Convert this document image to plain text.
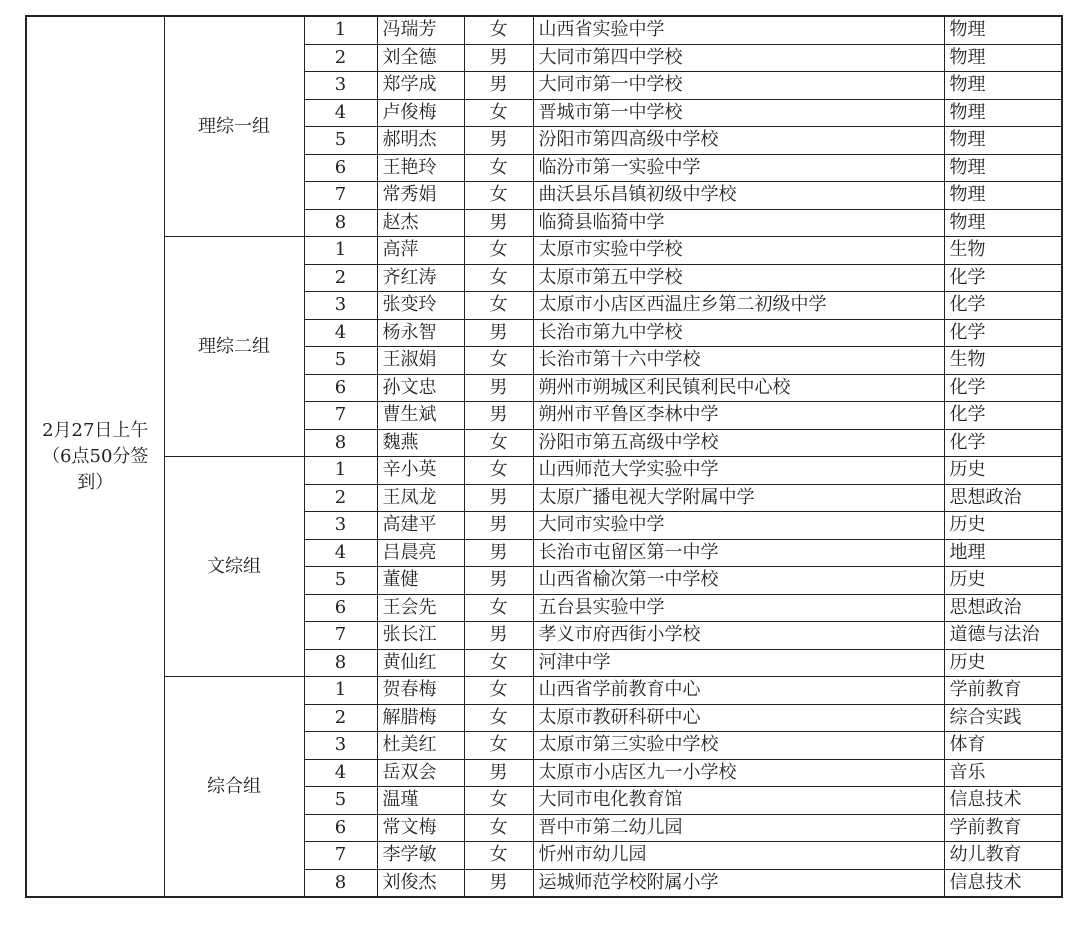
2月27日上午
（6点50分签
到）	理综一组	1	冯瑞芳	女	山西省实验中学	物理
		2	刘全德	男	大同市第四中学校	物理
		3	郑学成	男	大同市第一中学校	物理
		4	卢俊梅	女	晋城市第一中学校	物理
		5	郝明杰	男	汾阳市第四高级中学校	物理
		6	王艳玲	女	临汾市第一实验中学	物理
		7	常秀娟	女	曲沃县乐昌镇初级中学校	物理
		8	赵杰	男	临猗县临猗中学	物理
	理综二组	1	高萍	女	太原市实验中学校	生物
		2	齐红涛	女	太原市第五中学校	化学
		3	张变玲	女	太原市小店区西温庄乡第二初级中学	化学
		4	杨永智	男	长治市第九中学校	化学
		5	王淑娟	女	长治市第十六中学校	生物
		6	孙文忠	男	朔州市朔城区利民镇利民中心校	化学
		7	曹生斌	男	朔州市平鲁区李林中学	化学
		8	魏燕	女	汾阳市第五高级中学校	化学
	文综组	1	辛小英	女	山西师范大学实验中学	历史
		2	王凤龙	男	太原广播电视大学附属中学	思想政治
		3	高建平	男	大同市实验中学	历史
		4	吕晨亮	男	长治市屯留区第一中学	地理
		5	董健	男	山西省榆次第一中学校	历史
		6	王会先	女	五台县实验中学	思想政治
		7	张长江	男	孝义市府西街小学校	道德与法治
		8	黄仙红	女	河津中学	历史
	综合组	1	贺春梅	女	山西省学前教育中心	学前教育
		2	解腊梅	女	太原市教研科研中心	综合实践
		3	杜美红	女	太原市第三实验中学校	体育
		4	岳双会	男	太原市小店区九一小学校	音乐
		5	温瑾	女	大同市电化教育馆	信息技术
		6	常文梅	女	晋中市第二幼儿园	学前教育
		7	李学敏	女	忻州市幼儿园	幼儿教育
		8	刘俊杰	男	运城师范学校附属小学	信息技术
